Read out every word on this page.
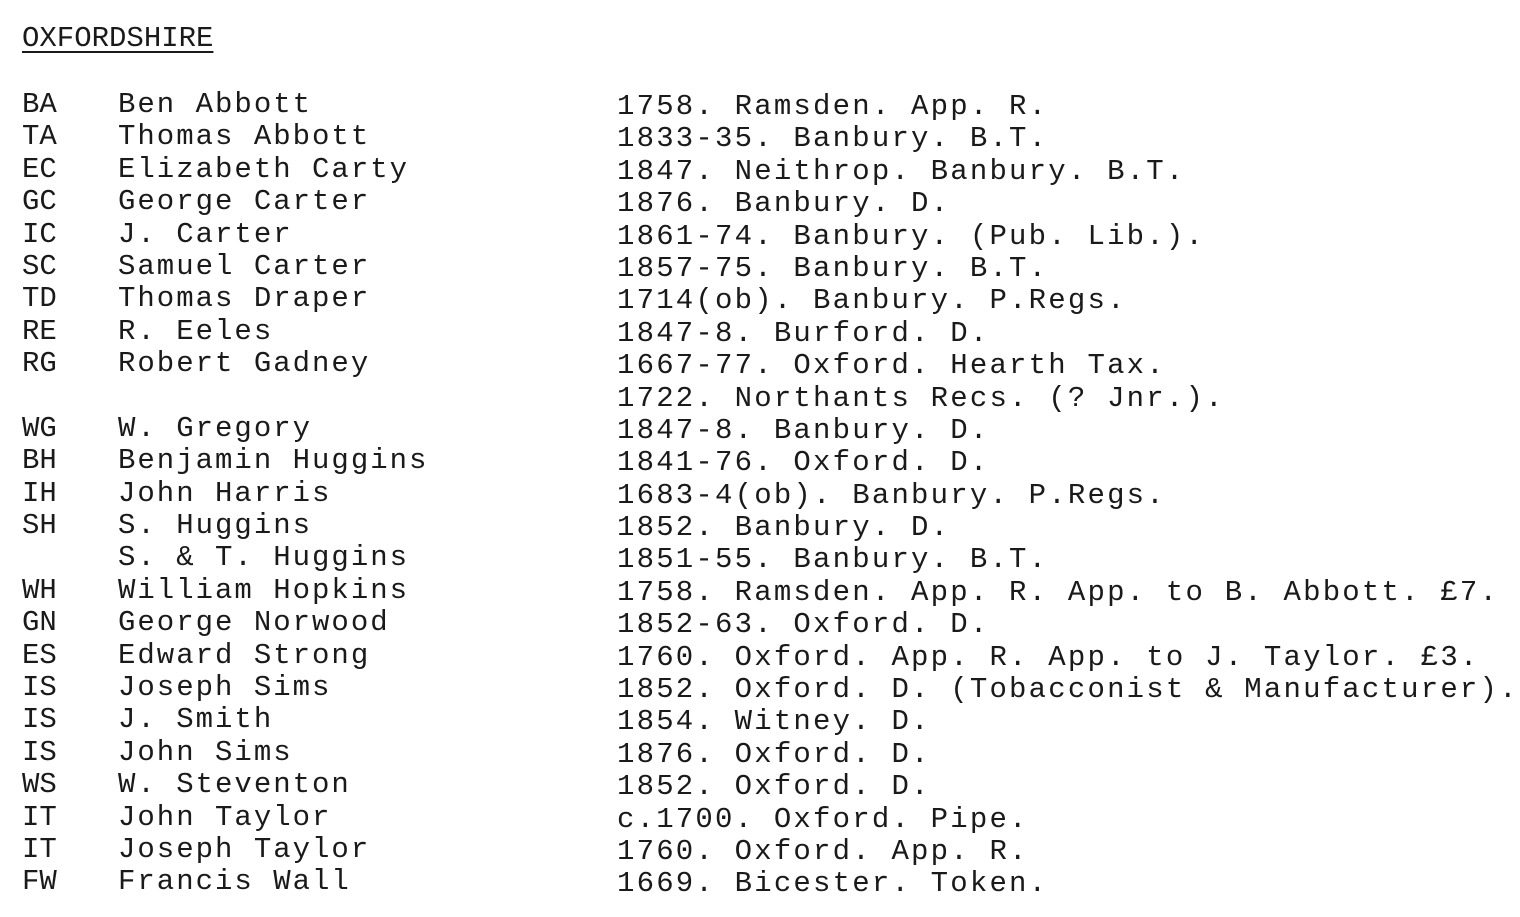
OXFORDSHIRE
BA Ben Abbott	1758. Ramsden. App. R.
TA Thomas Abbott	1833-35. Banbury. B.T.
EC Elizabeth Carty	1847. Neithrop. Banbury. B.T.
GC George Carter	1876. Banbury. D.
IC J. Carter	1861-74. Banbury. (Pub. Lib.).
SC Samuel Carter	1857-75. Banbury. B.T.
TD Thomas Draper	1714(ob). Banbury. P.Regs.
RE R. Eeles	1847-8. Burford. D.
RG Robert Gadney	1667-77. Oxford. Hearth Tax.
1722. Northants Recs. (? Jnr.).
WG W. Gregory	1847-8. Banbury. D.
BH Benjamin Huggins	1841-76. Oxford. D.
IH John Harris	1683-4(ob). Banbury. P.Regs.
SH S. Huggins	1852. Banbury. D.
S. & T. Huggins	1851-55. Banbury. B.T.
WH William Hopkins	1758. Ramsden. App. R. App. to B. Abbott. £7.
GN George Norwood	1852-63. Oxford. D.
ES Edward Strong	1760. Oxford. App. R. App. to J. Taylor. £3.
IS Joseph Sims	1852. Oxford. D. (Tobacconist & Manufacturer).
IS J. Smith	1854. Witney. D.
IS John Sims	1876. Oxford. D.
WS W. Steventon	1852. Oxford. D.
IT John Taylor	c.1700. Oxford. Pipe.
IT Joseph Taylor	1760. Oxford. App. R.
FW Francis Wall	1669. Bicester. Token.
